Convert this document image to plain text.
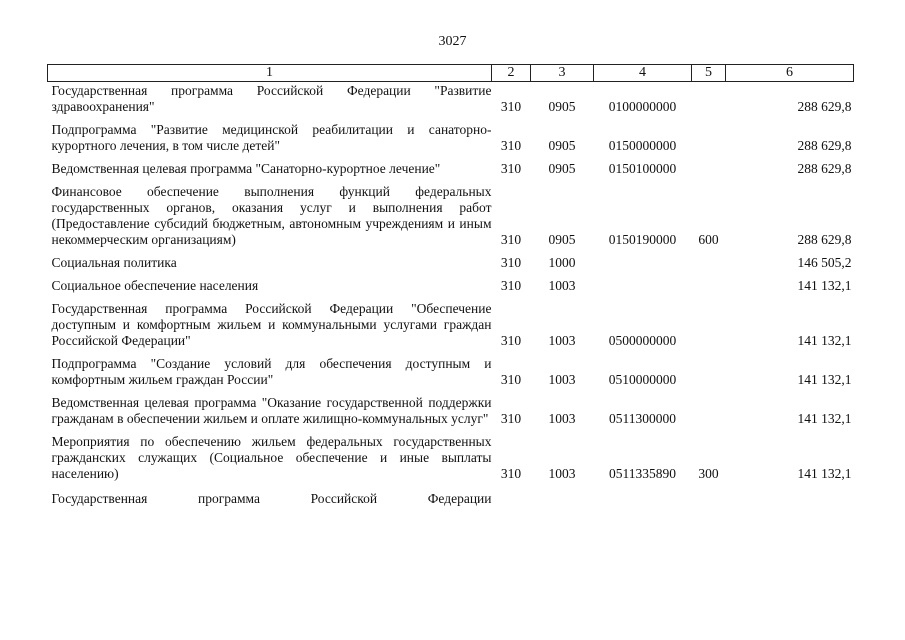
3027
1	2	3	4	5	6

Государственная программа Российской Федерации "Развитие здравоохранения"	310	0905	0100000000		288 629,8

Подпрограмма "Развитие медицинской реабилитации и санаторно-курортного лечения, в том числе детей"	310	0905	0150000000		288 629,8

Ведомственная целевая программа "Санаторно-курортное лечение"	310	0905	0150100000		288 629,8

Финансовое обеспечение выполнения функций федеральных государственных органов, оказания услуг и выполнения работ (Предоставление субсидий бюджетным, автономным учреждениям и иным некоммерческим организациям)	310	0905	0150190000	600	288 629,8

Социальная политика	310	1000			146 505,2

Социальное обеспечение населения	310	1003			141 132,1

Государственная программа Российской Федерации "Обеспечение доступным и комфортным жильем и коммунальными услугами граждан Российской Федерации"	310	1003	0500000000		141 132,1

Подпрограмма "Создание условий для обеспечения доступным и комфортным жильем граждан России"	310	1003	0510000000		141 132,1

Ведомственная целевая программа "Оказание государственной поддержки гражданам в обеспечении жильем и оплате жилищно-коммунальных услуг"	310	1003	0511300000		141 132,1

Мероприятия по обеспечению жильем федеральных государственных гражданских служащих (Социальное обеспечение и иные выплаты населению)	310	1003	0511335890	300	141 132,1

Государственная программа Российской Федерации					
